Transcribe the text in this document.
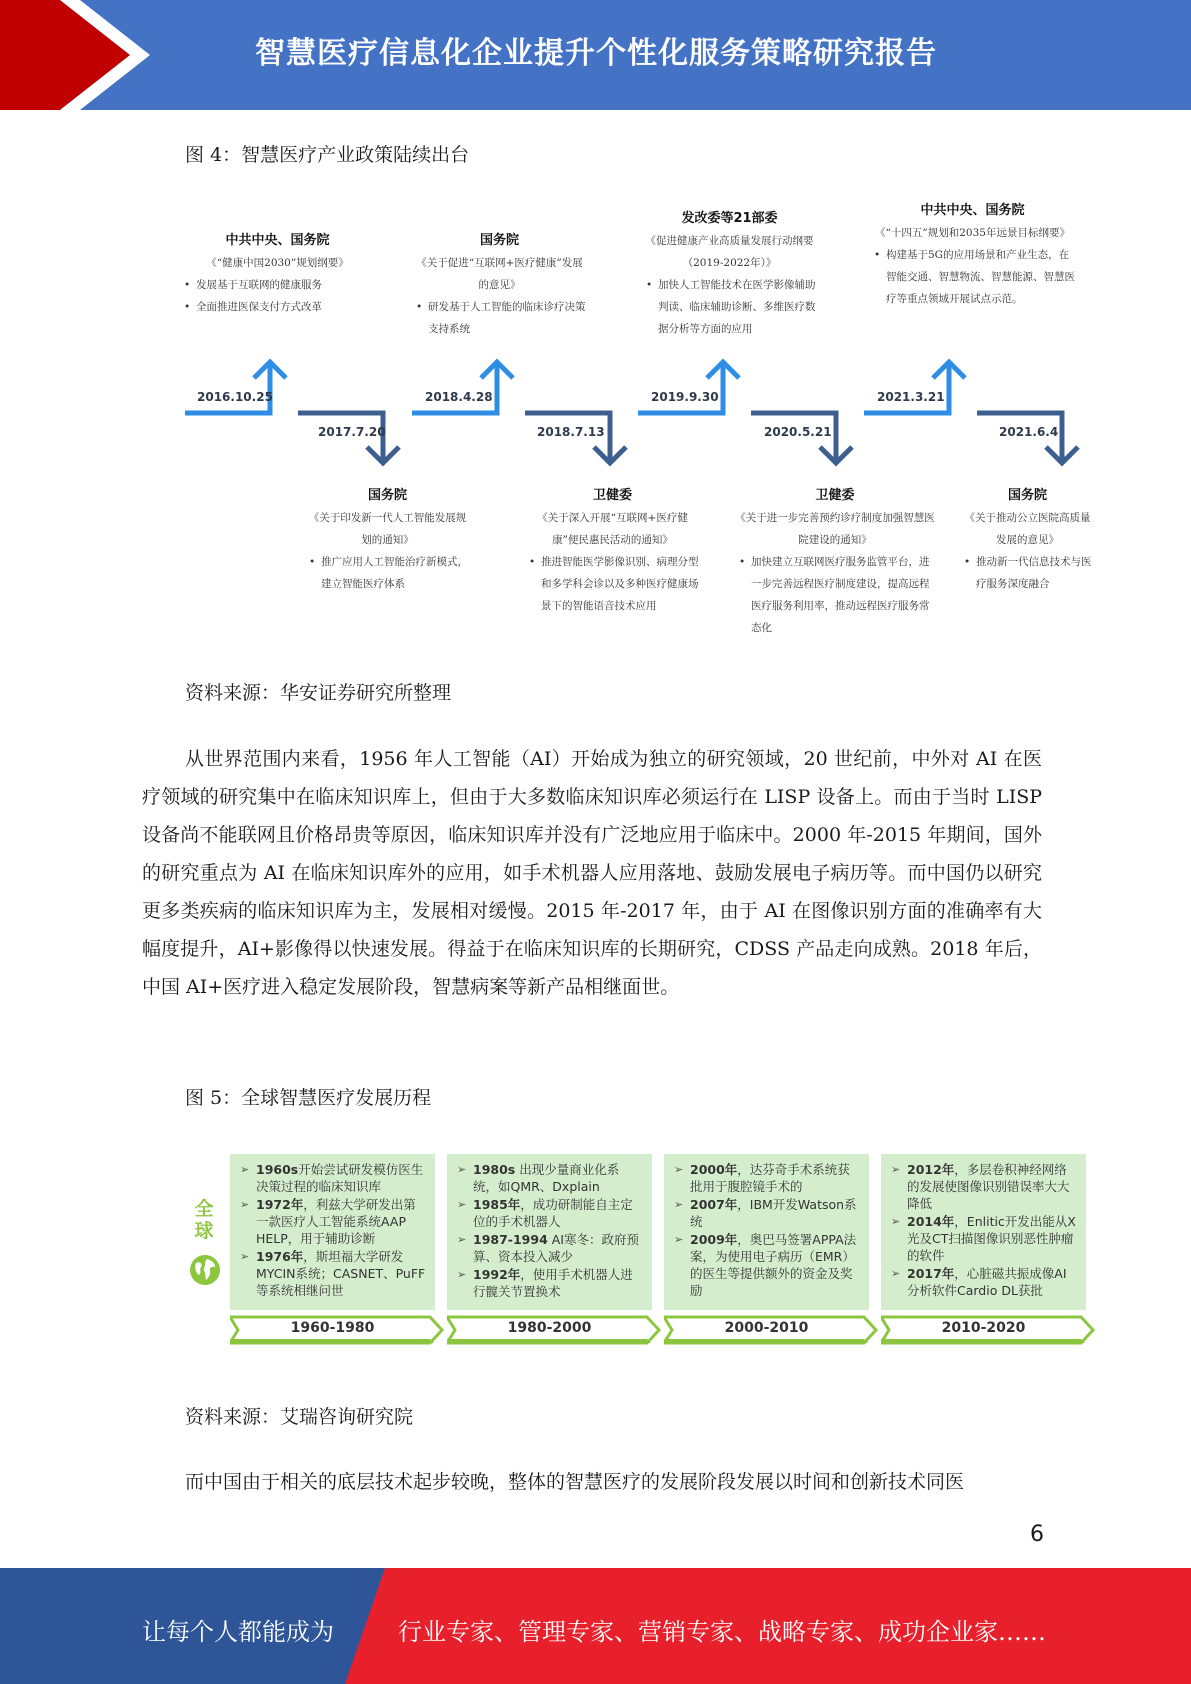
智慧医疗信息化企业提升个性化服务策略研究报告
图 4：智慧医疗产业政策陆续出台
2016.10.25
2017.7.20
2018.4.28
2018.7.13
2019.9.30
2020.5.21
2021.3.21
2021.6.4
中共中央、国务院
《“健康中国2030”规划纲要》
• 发展基于互联网的健康服务
• 全面推进医保支付方式改革
国务院
《关于促进“互联网+医疗健康”发展的意见》
• 研发基于人工智能的临床诊疗决策支持系统
发改委等21部委
《促进健康产业高质量发展行动纲要（2019-2022年）》
• 加快人工智能技术在医学影像辅助判读、临床辅助诊断、多维医疗数据分析等方面的应用
中共中央、国务院
《“十四五”规划和2035年远景目标纲要》
• 构建基于5G的应用场景和产业生态，在智能交通、智慧物流、智慧能源、智慧医疗等重点领域开展试点示范。
国务院
《关于印发新一代人工智能发展规划的通知》
• 推广应用人工智能治疗新模式，建立智能医疗体系
卫健委
《关于深入开展“互联网+医疗健康”便民惠民活动的通知》
• 推进智能医学影像识别、病理分型和多学科会诊以及多种医疗健康场景下的智能语音技术应用
卫健委
《关于进一步完善预约诊疗制度加强智慧医院建设的通知》
• 加快建立互联网医疗服务监管平台，进一步完善远程医疗制度建设，提高远程医疗服务利用率，推动远程医疗服务常态化
国务院
《关于推动公立医院高质量发展的意见》
• 推动新一代信息技术与医疗服务深度融合
资料来源：华安证券研究所整理
从世界范围内来看，1956 年人工智能（AI）开始成为独立的研究领域，20 世纪前，中外对 AI 在医疗领域的研究集中在临床知识库上，但由于大多数临床知识库必须运行在 LISP 设备上。而由于当时 LISP 设备尚不能联网且价格昂贵等原因，临床知识库并没有广泛地应用于临床中。2000 年-2015 年期间，国外的研究重点为 AI 在临床知识库外的应用，如手术机器人应用落地、鼓励发展电子病历等。而中国仍以研究更多类疾病的临床知识库为主，发展相对缓慢。2015 年-2017 年，由于 AI 在图像识别方面的准确率有大幅度提升，AI+影像得以快速发展。得益于在临床知识库的长期研究，CDSS 产品走向成熟。2018 年后，中国 AI+医疗进入稳定发展阶段，智慧病案等新产品相继面世。
图 5：全球智慧医疗发展历程
全球
➢ 1960s开始尝试研发模仿医生决策过程的临床知识库
➢ 1972年，利兹大学研发出第一款医疗人工智能系统AAP HELP，用于辅助诊断
➢ 1976年，斯坦福大学研发MYCIN系统；CASNET、PuFF等系统相继问世
➢ 1980s 出现少量商业化系统，如QMR、Dxplain
➢ 1985年，成功研制能自主定位的手术机器人
➢ 1987-1994 AI寒冬：政府预算、资本投入减少
➢ 1992年，使用手术机器人进行髋关节置换术
➢ 2000年，达芬奇手术系统获批用于腹腔镜手术的
➢ 2007年，IBM开发Watson系统
➢ 2009年，奥巴马签署APPA法案，为使用电子病历（EMR）的医生等提供额外的资金及奖励
➢ 2012年，多层卷积神经网络的发展使图像识别错误率大大降低
➢ 2014年，Enlitic开发出能从X光及CT扫描图像识别恶性肿瘤的软件
➢ 2017年，心脏磁共振成像AI分析软件Cardio DL获批
1960-1980	1980-2000	2000-2010	2010-2020
资料来源：艾瑞咨询研究院
而中国由于相关的底层技术起步较晚，整体的智慧医疗的发展阶段发展以时间和创新技术同医
6
让每个人都能成为	行业专家、管理专家、营销专家、战略专家、成功企业家……
